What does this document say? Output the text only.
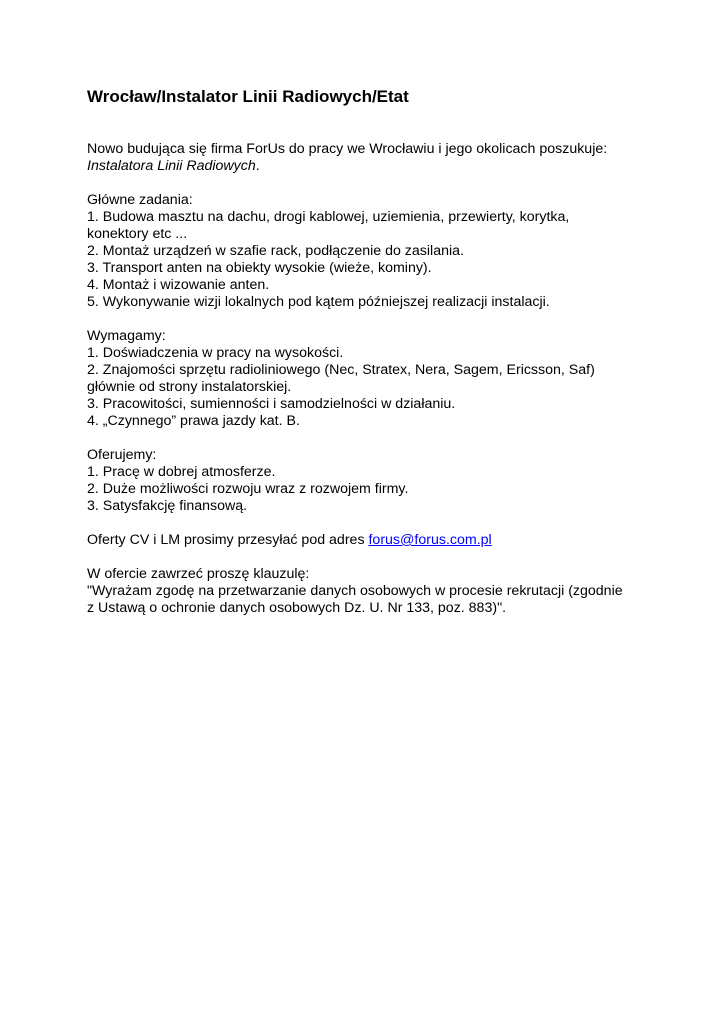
Wrocław/Instalator Linii Radiowych/Etat
Nowo budująca się firma ForUs do pracy we Wrocławiu i jego okolicach poszukuje:
Instalatora Linii Radiowych.
Główne zadania:
1. Budowa masztu na dachu, drogi kablowej, uziemienia, przewierty, korytka,
konektory etc ...
2. Montaż urządzeń w szafie rack, podłączenie do zasilania.
3. Transport anten na obiekty wysokie (wieże, kominy).
4. Montaż i wizowanie anten.
5. Wykonywanie wizji lokalnych pod kątem późniejszej realizacji instalacji.
Wymagamy:
1. Doświadczenia w pracy na wysokości.
2. Znajomości sprzętu radioliniowego (Nec, Stratex, Nera, Sagem, Ericsson, Saf)
głównie od strony instalatorskiej.
3. Pracowitości, sumienności i samodzielności w działaniu.
4. „Czynnego” prawa jazdy kat. B.
Oferujemy:
1. Pracę w dobrej atmosferze.
2. Duże możliwości rozwoju wraz z rozwojem firmy.
3. Satysfakcję finansową.
Oferty CV i LM prosimy przesyłać pod adres forus@forus.com.pl
W ofercie zawrzeć proszę klauzulę:
"Wyrażam zgodę na przetwarzanie danych osobowych w procesie rekrutacji (zgodnie
z Ustawą o ochronie danych osobowych Dz. U. Nr 133, poz. 883)".
